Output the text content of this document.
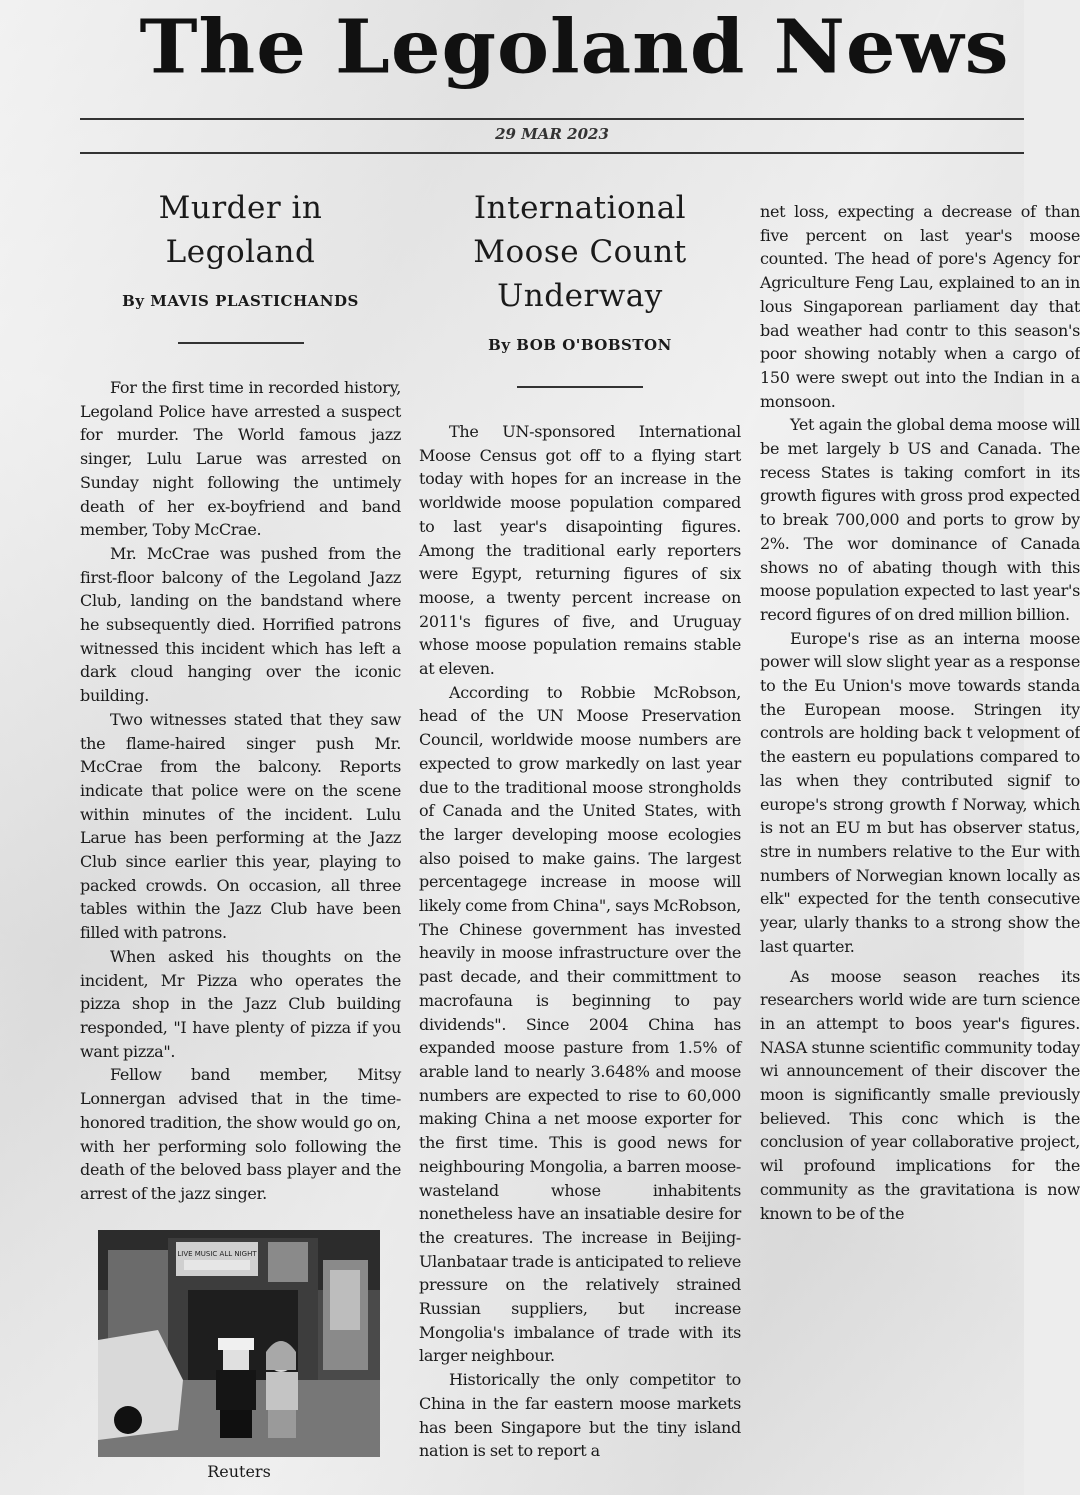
The Legoland News
29 MAR 2023
Murder in
Legoland
By MAVIS PLASTICHANDS

For the first time in recorded history, Legoland Police have arrested a suspect for murder. The World famous jazz singer, Lulu Larue was arrested on Sunday night following the untimely death of her ex-boyfriend and band member, Toby McCrae.

Mr. McCrae was pushed from the first-floor balcony of the Legoland Jazz Club, landing on the bandstand where he subsequently died. Horrified patrons witnessed this incident which has left a dark cloud hanging over the iconic building.

Two witnesses stated that they saw the flame-haired singer push Mr. McCrae from the balcony. Reports indicate that police were on the scene within minutes of the incident. Lulu Larue has been performing at the Jazz Club since earlier this year, playing to packed crowds. On occasion, all three tables within the Jazz Club have been filled with patrons.

When asked his thoughts on the incident, Mr Pizza who operates the pizza shop in the Jazz Club building responded, "I have plenty of pizza if you want pizza".

Fellow band member, Mitsy Lonnergan advised that in the time-honored tradition, the show would go on, with her performing solo following the death of the beloved bass player and the arrest of the jazz singer.

LIVE MUSIC ALL NIGHT
Reuters
International
Moose Count
Underway
By BOB O'BOBSTON

The UN-sponsored International Moose Census got off to a flying start today with hopes for an increase in the worldwide moose population compared to last year's disapointing figures. Among the traditional early reporters were Egypt, returning figures of six moose, a twenty percent increase on 2011's figures of five, and Uruguay whose moose population remains stable at eleven.

According to Robbie McRobson, head of the UN Moose Preservation Council, worldwide moose numbers are expected to grow markedly on last year due to the traditional moose strongholds of Canada and the United States, with the larger developing moose ecologies also poised to make gains. The largest percentagege increase in moose will likely come from China", says McRobson, The Chinese government has invested heavily in moose infrastructure over the past decade, and their committment to macrofauna is beginning to pay dividends". Since 2004 China has expanded moose pasture from 1.5% of arable land to nearly 3.648% and moose numbers are expected to rise to 60,000 making China a net moose exporter for the first time. This is good news for neighbouring Mongolia, a barren moose-wasteland whose inhabitents nonetheless have an insatiable desire for the creatures. The increase in Beijing-Ulanbataar trade is anticipated to relieve pressure on the relatively strained Russian suppliers, but increase Mongolia's imbalance of trade with its larger neighbour.

Historically the only competitor to China in the far eastern moose markets has been Singapore but the tiny island nation is set to report a

net loss, expecting a decrease of than five percent on last year's moose counted. The head of pore's Agency for Agriculture Feng Lau, explained to an in lous Singaporean parliament day that bad weather had contr to this season's poor showing notably when a cargo of 150 were swept out into the Indian in a monsoon.

Yet again the global dema moose will be met largely b US and Canada. The recess States is taking comfort in its growth figures with gross prod expected to break 700,000 and ports to grow by 2%. The wor dominance of Canada shows no of abating though with this moose population expected to last year's record figures of on dred million billion.

Europe's rise as an interna moose power will slow slight year as a response to the Eu Union's move towards standa the European moose. Stringen ity controls are holding back t velopment of the eastern eu populations compared to las when they contributed signif to europe's strong growth f Norway, which is not an EU m but has observer status, stre in numbers relative to the Eur with numbers of Norwegian known locally as elk" expected for the tenth consecutive year, ularly thanks to a strong show the last quarter.

As moose season reaches its researchers world wide are turn science in an attempt to boos year's figures. NASA stunne scientific community today wi announcement of their discover the moon is significantly smalle previously believed. This conc which is the conclusion of year collaborative project, wil profound implications for the community as the gravitationa is now known to be of the
